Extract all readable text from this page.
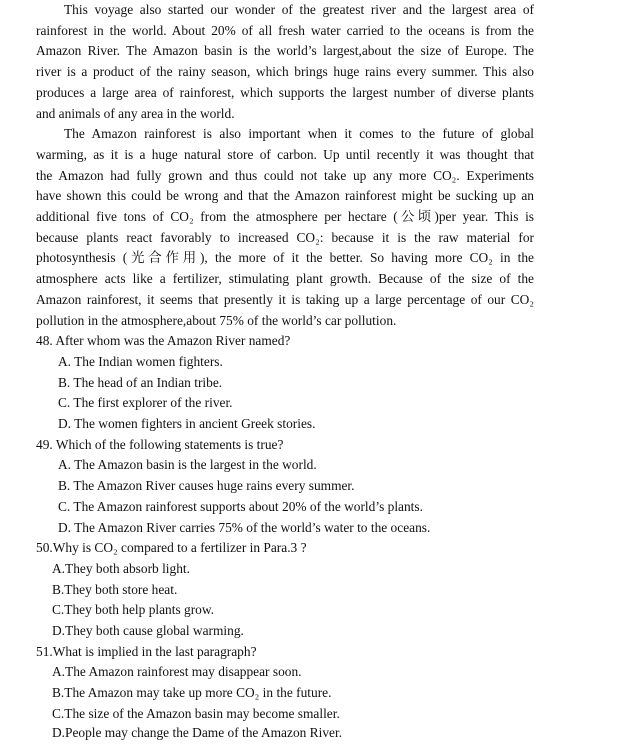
This voyage also started our wonder of the greatest river and the largest area of
rainforest in the world. About 20% of all fresh water carried to the oceans is from the
Amazon River. The Amazon basin is the world’s largest,about the size of Europe. The
river is a product of the rainy season, which brings huge rains every summer. This also
produces a large area of rainforest, which supports the largest number of diverse plants
and animals of any area in the world.
The Amazon rainforest is also important when it comes to the future of global
warming, as it is a huge natural store of carbon. Up until recently it was thought that
the Amazon had fully grown and thus could not take up any more CO₂. Experiments
have shown this could be wrong and that the Amazon rainforest might be sucking up an
additional five tons of CO₂ from the atmosphere per hectare (公顷)per year. This is
because plants react favorably to increased CO₂: because it is the raw material for
photosynthesis (光合作用), the more of it the better. So having more CO₂ in the
atmosphere acts like a fertilizer, stimulating plant growth. Because of the size of the
Amazon rainforest, it seems that presently it is taking up a large percentage of our CO₂
pollution in the atmosphere,about 75% of the world’s car pollution.
48. After whom was the Amazon River named?
A. The Indian women fighters.
B. The head of an Indian tribe.
C. The first explorer of the river.
D. The women fighters in ancient Greek stories.
49. Which of the following statements is true?
A. The Amazon basin is the largest in the world.
B. The Amazon River causes huge rains every summer.
C. The Amazon rainforest supports about 20% of the world’s plants.
D. The Amazon River carries 75% of the world’s water to the oceans.
50.Why is CO₂ compared to a fertilizer in Para.3 ?
A.They both absorb light.
B.They both store heat.
C.They both help plants grow.
D.They both cause global warming.
51.What is implied in the last paragraph?
A.The Amazon rainforest may disappear soon.
B.The Amazon may take up more CO₂ in the future.
C.The size of the Amazon basin may become smaller.
D.People may change the Dame of the Amazon River.
